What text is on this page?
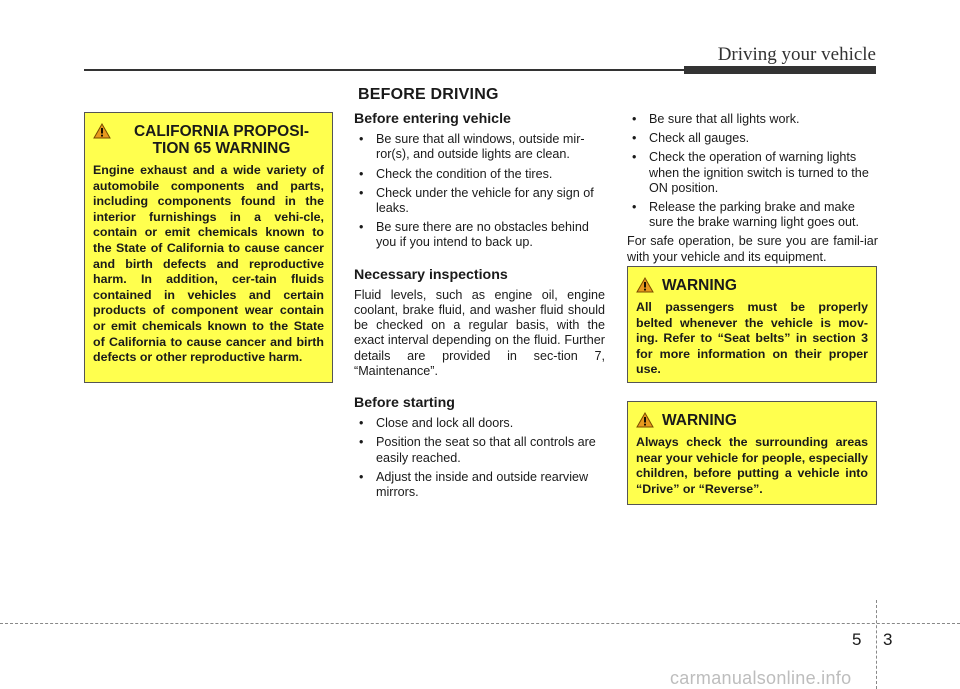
Driving your vehicle
BEFORE DRIVING
CALIFORNIA PROPOSI-
TION 65 WARNING
Engine exhaust and a wide variety of automobile components and parts, including components found in the interior furnishings in a vehi-cle, contain or emit chemicals known to the State of California to cause cancer and birth defects and reproductive harm. In addition, cer-tain fluids contained in vehicles and certain products of component wear contain or emit chemicals known to the State of California to cause cancer and birth defects or other reproductive harm.
Before entering vehicle
• Be sure that all windows, outside mir-ror(s), and outside lights are clean.
• Check the condition of the tires.
• Check under the vehicle for any sign of leaks.
• Be sure there are no obstacles behind you if you intend to back up.
Necessary inspections

Fluid levels, such as engine oil, engine coolant, brake fluid, and washer fluid should be checked on a regular basis, with the exact interval depending on the fluid. Further details are provided in sec-tion 7, “Maintenance”.

Before starting
• Close and lock all doors.
• Position the seat so that all controls are easily reached.
• Adjust the inside and outside rearview mirrors.
• Be sure that all lights work.
• Check all gauges.
• Check the operation of warning lights when the ignition switch is turned to the ON position.
• Release the parking brake and make sure the brake warning light goes out.

For safe operation, be sure you are famil-iar with your vehicle and its equipment.

WARNING
All passengers must be properly belted whenever the vehicle is mov-ing. Refer to “Seat belts” in section 3 for more information on their proper use.
WARNING
Always check the surrounding areas near your vehicle for people, especially children, before putting a vehicle into “Drive” or “Reverse”.
5 3
carmanualsonline.info
